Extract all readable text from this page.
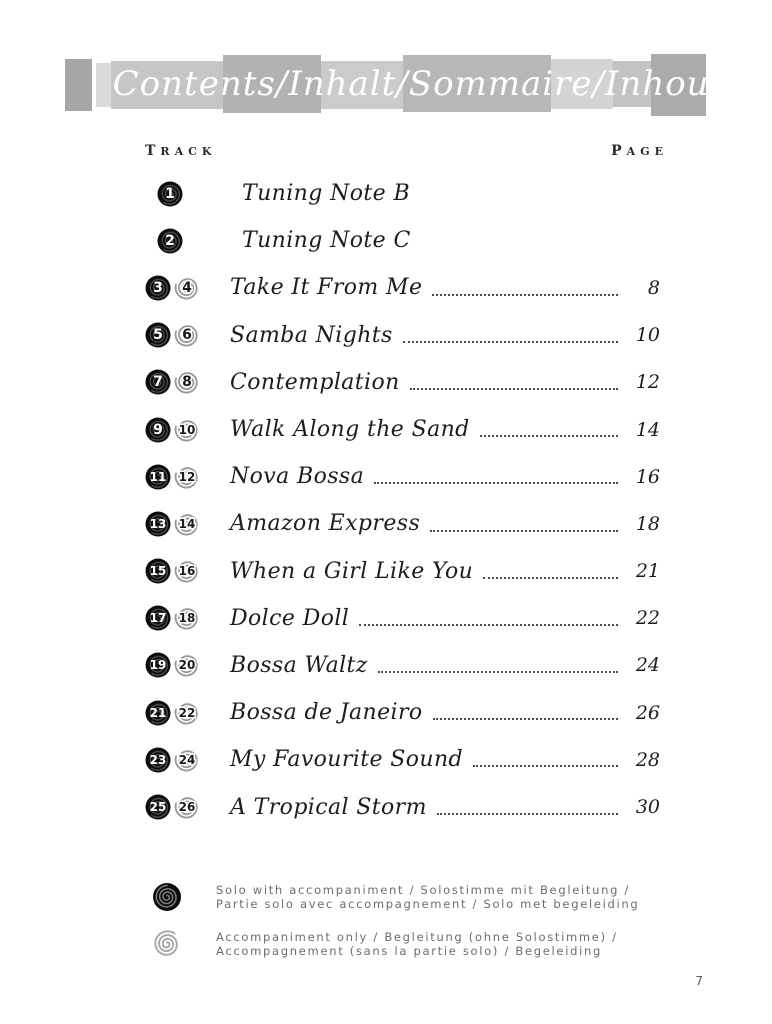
Contents/Inhalt/Sommaire/Inhoud
TRACK	PAGE
1	Tuning Note B
2	Tuning Note C
3 4 Take It From Me	8
5 6 Samba Nights	10
7 8 Contemplation	12
9 10 Walk Along the Sand	14
11 12 Nova Bossa	16
13 14 Amazon Express	18
15 16 When a Girl Like You	21
17 18 Dolce Doll	22
19 20 Bossa Waltz	24
21 22 Bossa de Janeiro	26
23 24 My Favourite Sound	28
25 26 A Tropical Storm	30
Solo with accompaniment / Solostimme mit Begleitung /
Partie solo avec accompagnement / Solo met begeleiding
Accompaniment only / Begleitung (ohne Solostimme) /
Accompagnement (sans la partie solo) / Begeleiding
7
